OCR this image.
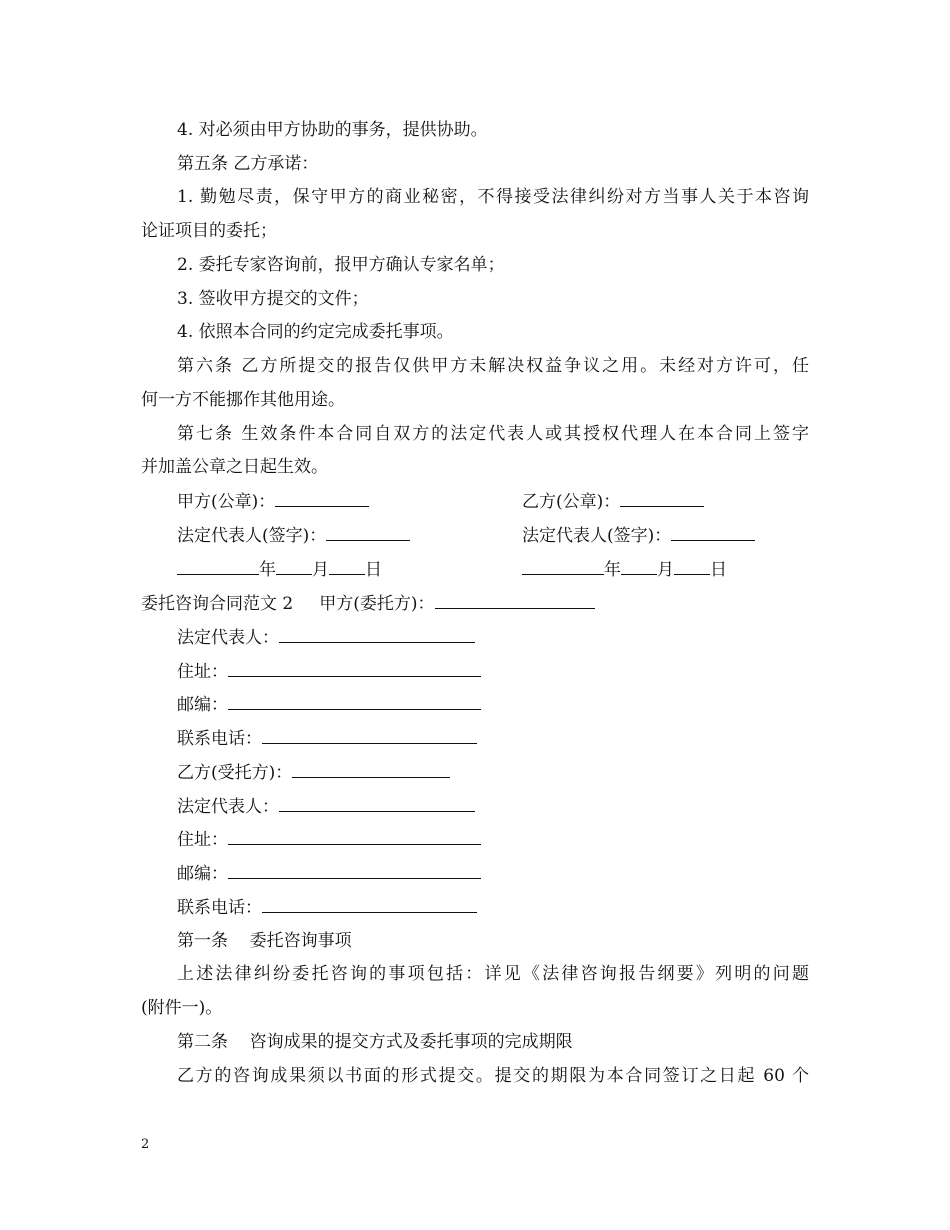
4. 对必须由甲方协助的事务，提供协助。
第五条 乙方承诺：
1. 勤勉尽责，保守甲方的商业秘密，不得接受法律纠纷对方当事人关于本咨询
论证项目的委托；
2. 委托专家咨询前，报甲方确认专家名单；
3. 签收甲方提交的文件；
4. 依照本合同的约定完成委托事项。
第六条 乙方所提交的报告仅供甲方未解决权益争议之用。未经对方许可，任
何一方不能挪作其他用途。
第七条 生效条件本合同自双方的法定代表人或其授权代理人在本合同上签字
并加盖公章之日起生效。
甲方(公章)：	乙方(公章)：
法定代表人(签字)：	法定代表人(签字)：
年 月 日	年 月 日
委托咨询合同范文 2 甲方(委托方)：
法定代表人：
住址：
邮编：
联系电话：
乙方(受托方)：
法定代表人：
住址：
邮编：
联系电话：
第一条    委托咨询事项
上述法律纠纷委托咨询的事项包括：详见《法律咨询报告纲要》列明的问题
(附件一)。
第二条    咨询成果的提交方式及委托事项的完成期限
乙方的咨询成果须以书面的形式提交。提交的期限为本合同签订之日起 60 个
2
